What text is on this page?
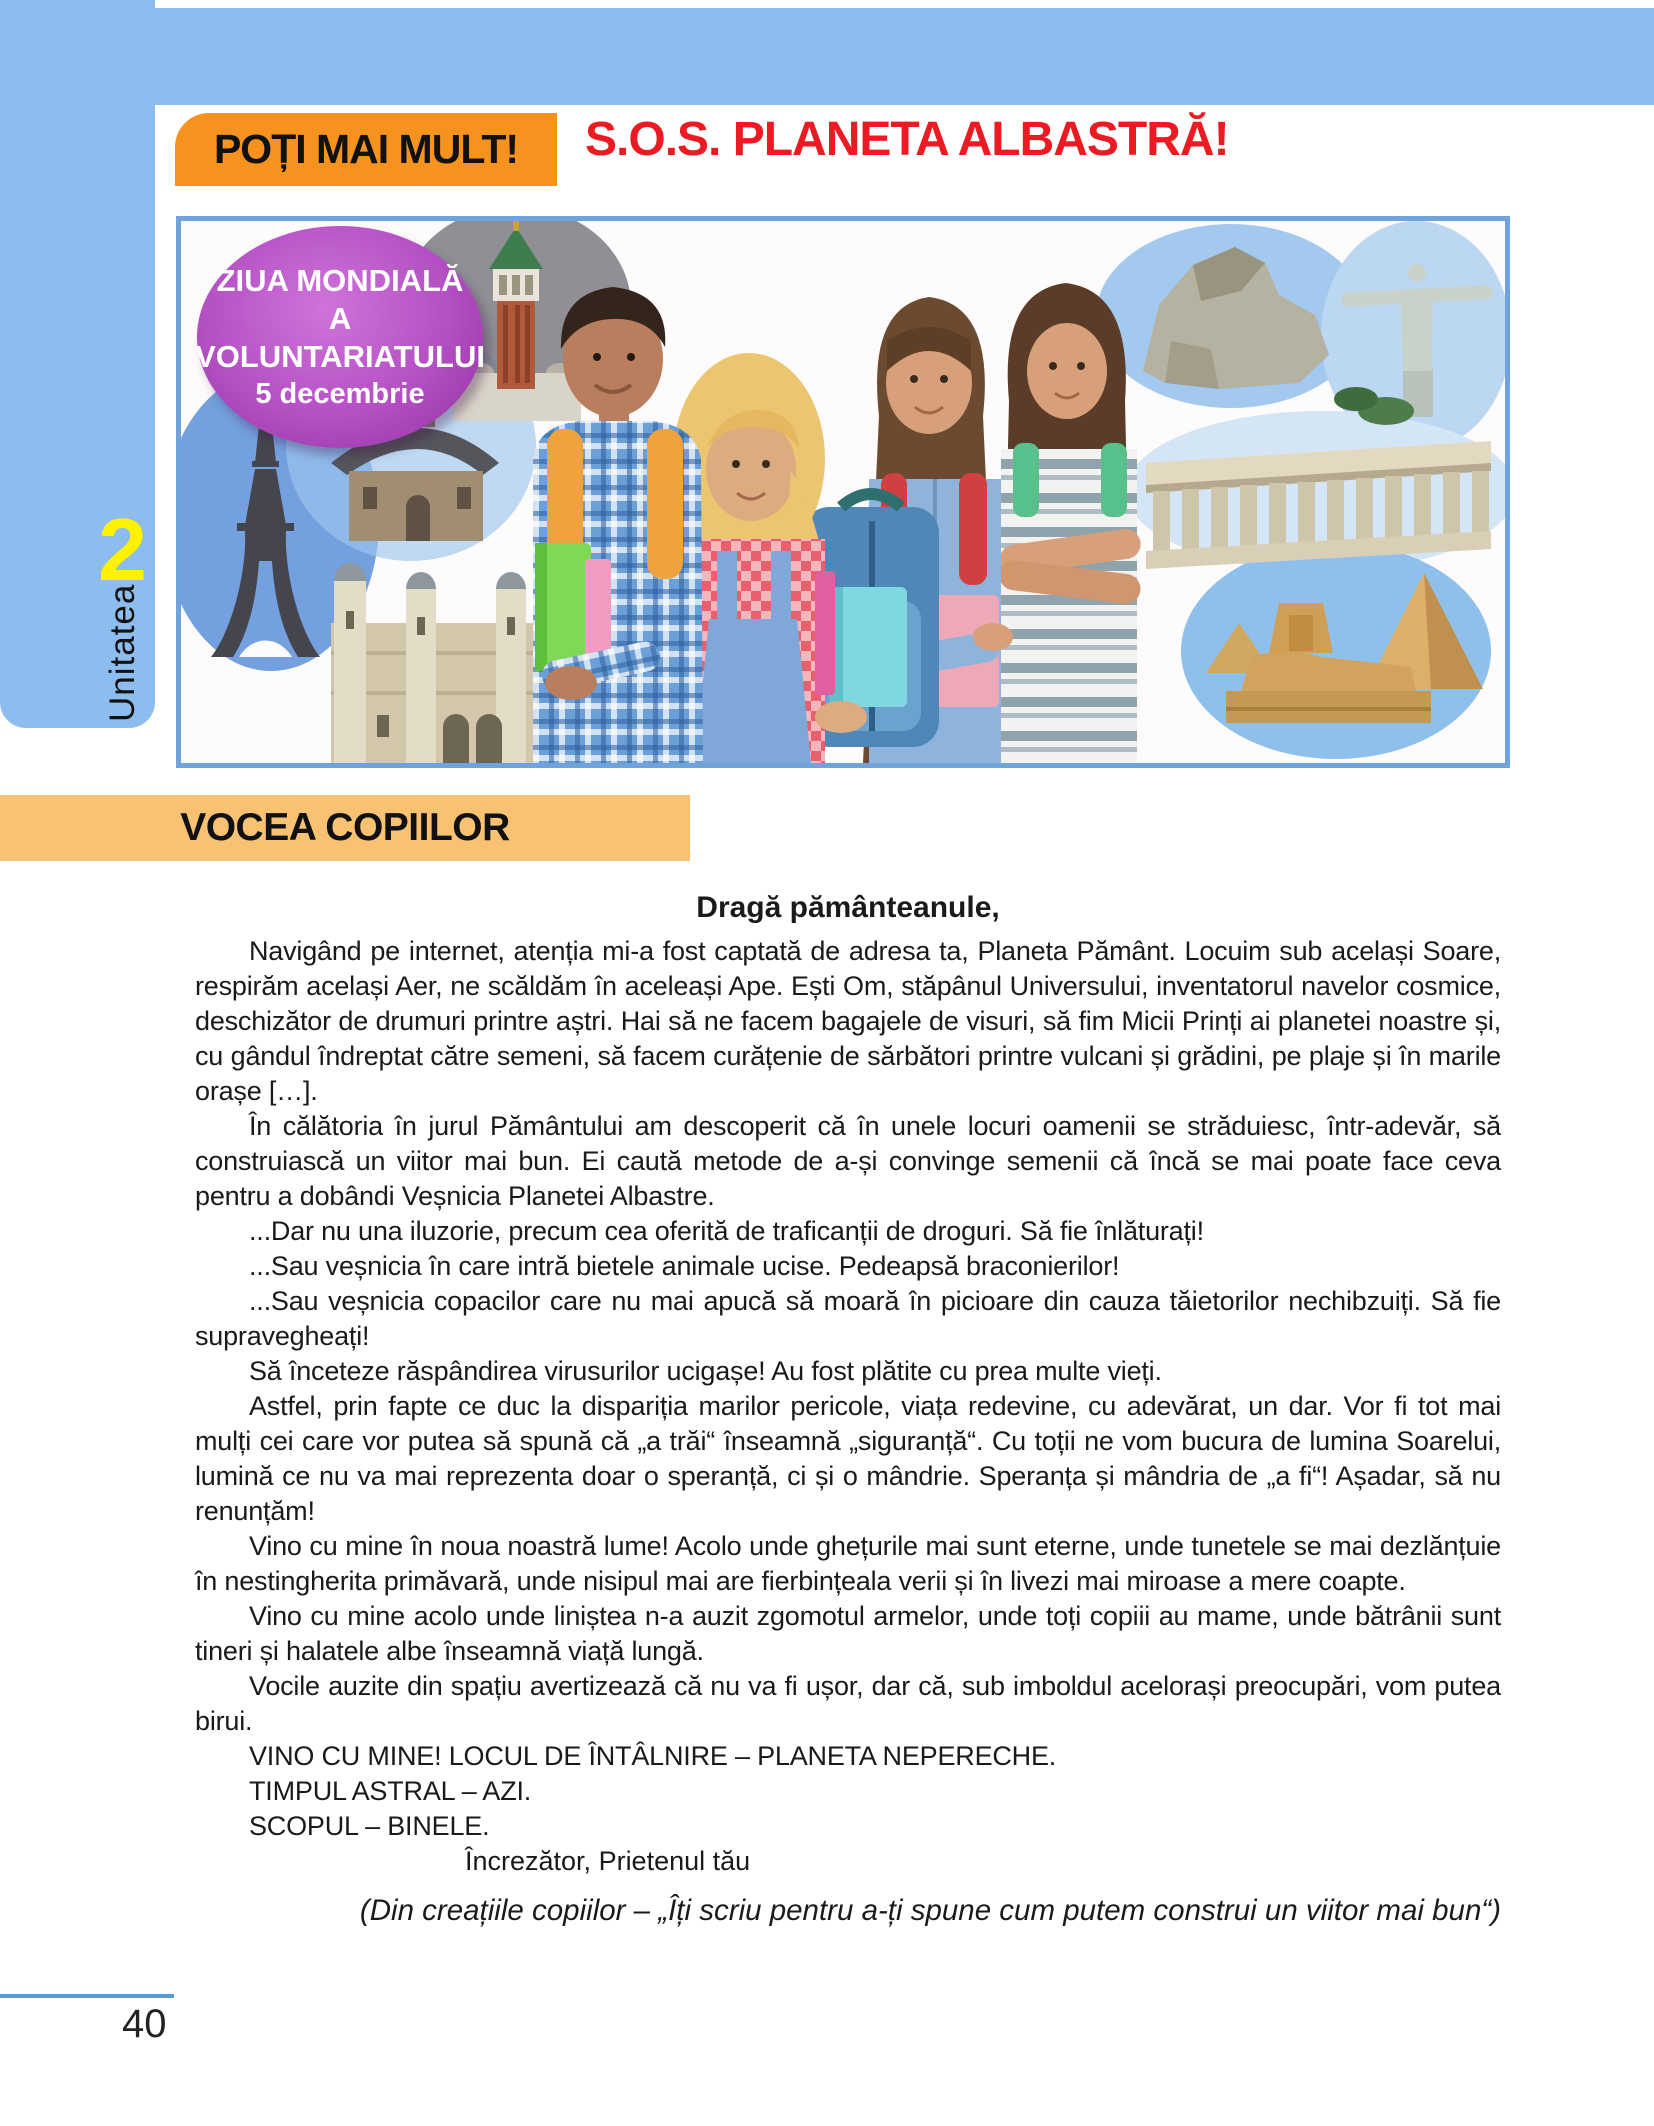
2
Unitatea
POȚI MAI MULT! S.O.S. PLANETA ALBASTRĂ!
ZIUA MONDIALĂ
A VOLUNTARIATULUI
5 decembrie
VOCEA COPIILOR

Dragă pământeanule,

Navigând pe internet, atenția mi-a fost captată de adresa ta, Planeta Pământ. Locuim sub același Soare, respirăm același Aer, ne scăldăm în aceleași Ape. Ești Om, stăpânul Universului, inventatorul navelor cosmice, deschizător de drumuri printre aștri. Hai să ne facem bagajele de visuri, să fim Micii Prinți ai planetei noastre și, cu gândul îndreptat către semeni, să facem curățenie de sărbători printre vulcani și grădini, pe plaje și în marile orașe […].

În călătoria în jurul Pământului am descoperit că în unele locuri oamenii se străduiesc, într-adevăr, să construiască un viitor mai bun. Ei caută metode de a-și convinge semenii că încă se mai poate face ceva pentru a dobândi Veșnicia Planetei Albastre.

...Dar nu una iluzorie, precum cea oferită de traficanții de droguri. Să fie înlăturați!

...Sau veșnicia în care intră bietele animale ucise. Pedeapsă braconierilor!

...Sau veșnicia copacilor care nu mai apucă să moară în picioare din cauza tăietorilor nechibzuiți. Să fie supravegheați!

Să înceteze răspândirea virusurilor ucigașe! Au fost plătite cu prea multe vieți.

Astfel, prin fapte ce duc la dispariția marilor pericole, viața redevine, cu adevărat, un dar. Vor fi tot mai mulți cei care vor putea să spună că „a trăi“ înseamnă „siguranță“. Cu toții ne vom bucura de lumina Soarelui, lumină ce nu va mai reprezenta doar o speranță, ci și o mândrie. Speranța și mândria de „a fi“! Așadar, să nu renunțăm!

Vino cu mine în noua noastră lume! Acolo unde ghețurile mai sunt eterne, unde tunetele se mai dezlănțuie în nestingherita primăvară, unde nisipul mai are fierbințeala verii și în livezi mai miroase a mere coapte.

Vino cu mine acolo unde liniștea n-a auzit zgomotul armelor, unde toți copiii au mame, unde bătrânii sunt tineri și halatele albe înseamnă viață lungă.

Vocile auzite din spațiu avertizează că nu va fi ușor, dar că, sub imboldul acelorași preocupări, vom putea birui.

VINO CU MINE! LOCUL DE ÎNTÂLNIRE – PLANETA NEPERECHE.

TIMPUL ASTRAL – AZI.

SCOPUL – BINELE.

Încrezător, Prietenul tău

(Din creațiile copiilor – „Îți scriu pentru a-ți spune cum putem construi un viitor mai bun“)

40
